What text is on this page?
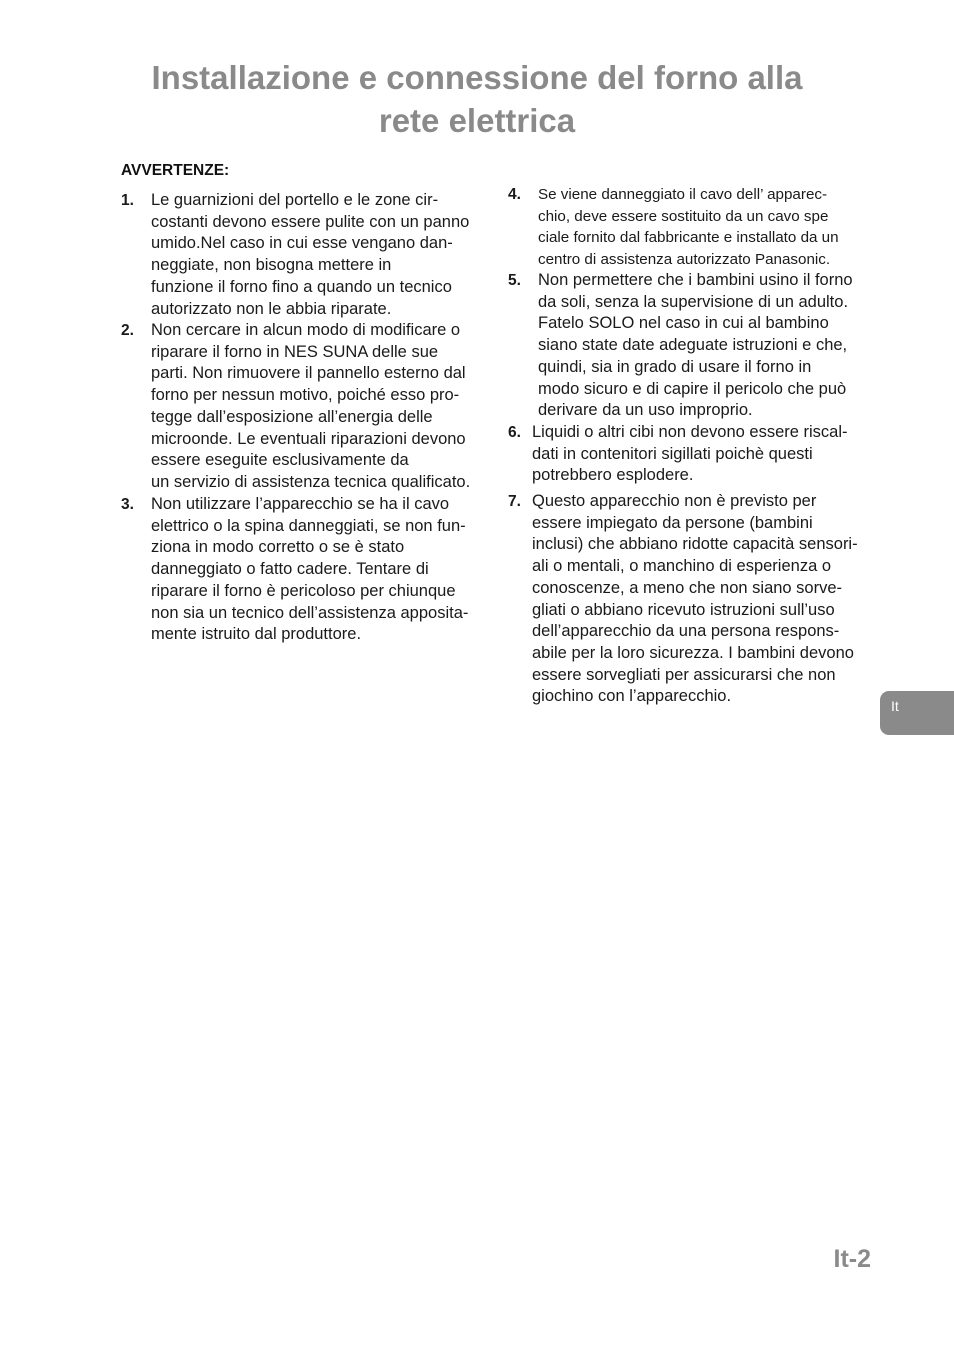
Installazione e connessione del forno alla
rete elettrica

AVVERTENZE:

1. Le guarnizioni del portello e le zone cir-
costanti devono essere pulite con un panno
umido.Nel caso in cui esse vengano dan-
neggiate, non bisogna mettere in
funzione il forno fino a quando un tecnico
autorizzato non le abbia riparate.
2. Non cercare in alcun modo di modificare o
riparare il forno in NES SUNA delle sue
parti. Non rimuovere il pannello esterno dal
forno per nessun motivo, poiché esso pro-
tegge dall’esposizione all’energia delle
microonde. Le eventuali riparazioni devono
essere eseguite esclusivamente da
un servizio di assistenza tecnica qualificato.
3. Non utilizzare l’apparecchio se ha il cavo
elettrico o la spina danneggiati, se non fun-
ziona in modo corretto o se è stato
danneggiato o fatto cadere. Tentare di
riparare il forno è pericoloso per chiunque
non sia un tecnico dell’assistenza apposita-
mente istruito dal produttore.
4. Se viene danneggiato il cavo dell’ apparec-
chio, deve essere sostituito da un cavo spe
ciale fornito dal fabbricante e installato da un
centro di assistenza autorizzato Panasonic.
5. Non permettere che i bambini usino il forno
da soli, senza la supervisione di un adulto.
Fatelo SOLO nel caso in cui al bambino
siano state date adeguate istruzioni e che,
quindi, sia in grado di usare il forno in
modo sicuro e di capire il pericolo che può
derivare da un uso improprio.
6. Liquidi o altri cibi non devono essere riscal-
dati in contenitori sigillati poichè questi
potrebbero esplodere.
7. Questo apparecchio non è previsto per
essere impiegato da persone (bambini
inclusi) che abbiano ridotte capacità sensori-
ali o mentali, o manchino di esperienza o
conoscenze, a meno che non siano sorve-
gliati o abbiano ricevuto istruzioni sull’uso
dell’apparecchio da una persona respons-
abile per la loro sicurezza. I bambini devono
essere sorvegliati per assicurarsi che non
giochino con l’apparecchio.
It
It-2
